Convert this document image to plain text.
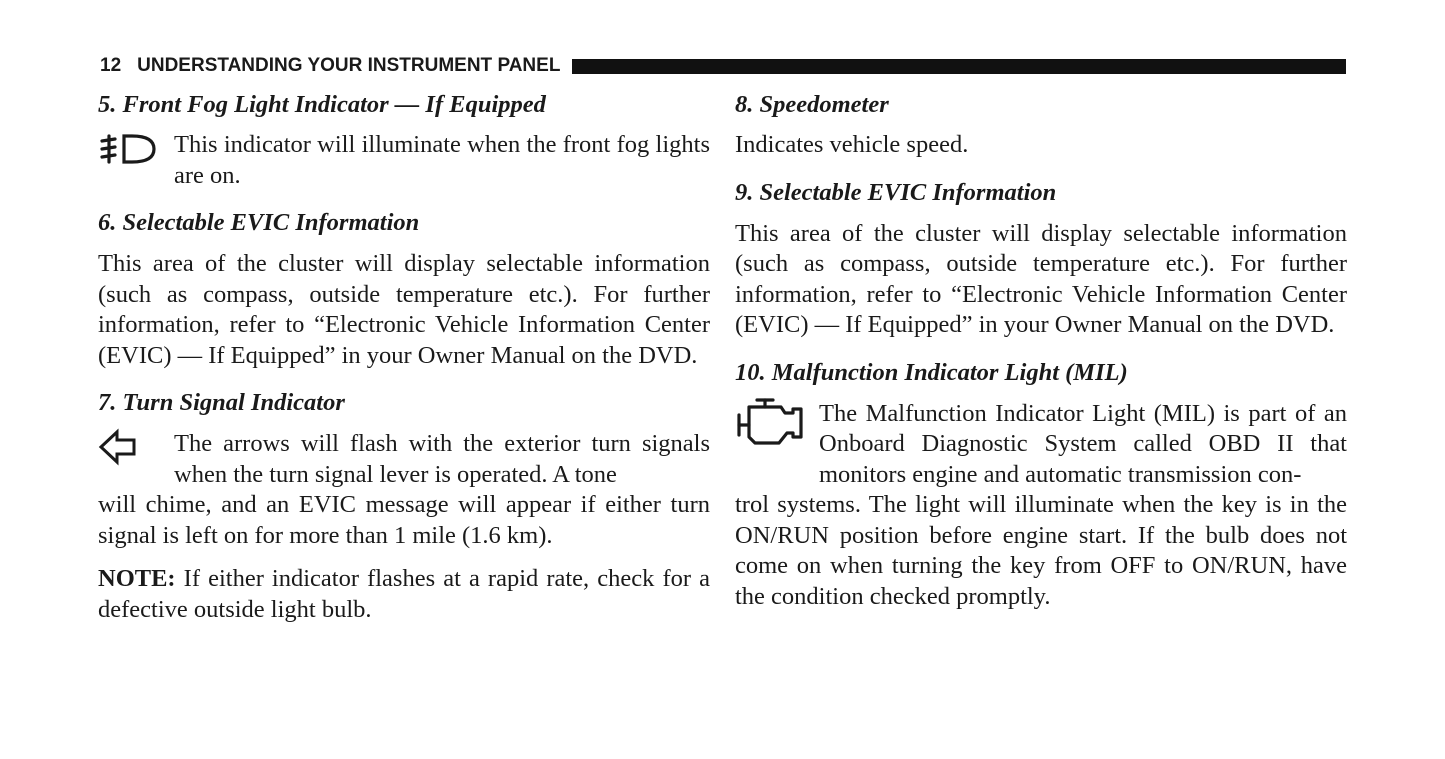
12 UNDERSTANDING YOUR INSTRUMENT PANEL
5. Front Fog Light Indicator — If Equipped
This indicator will illuminate when the front fog lights are on.
6. Selectable EVIC Information
This area of the cluster will display selectable information (such as compass, outside temperature etc.). For further information, refer to “Electronic Vehicle Information Center (EVIC) — If Equipped” in your Owner Manual on the DVD.
7. Turn Signal Indicator
The arrows will flash with the exterior turn signals when the turn signal lever is operated. A tone
will chime, and an EVIC message will appear if either turn signal is left on for more than 1 mile (1.6 km).
NOTE: If either indicator flashes at a rapid rate, check for a defective outside light bulb.
8. Speedometer
Indicates vehicle speed.
9. Selectable EVIC Information
This area of the cluster will display selectable information (such as compass, outside temperature etc.). For further information, refer to “Electronic Vehicle Information Center (EVIC) — If Equipped” in your Owner Manual on the DVD.
10. Malfunction Indicator Light (MIL)
The Malfunction Indicator Light (MIL) is part of an Onboard Diagnostic System called OBD II that monitors engine and automatic transmission con-
trol systems. The light will illuminate when the key is in the ON/RUN position before engine start. If the bulb does not come on when turning the key from OFF to ON/RUN, have the condition checked promptly.
